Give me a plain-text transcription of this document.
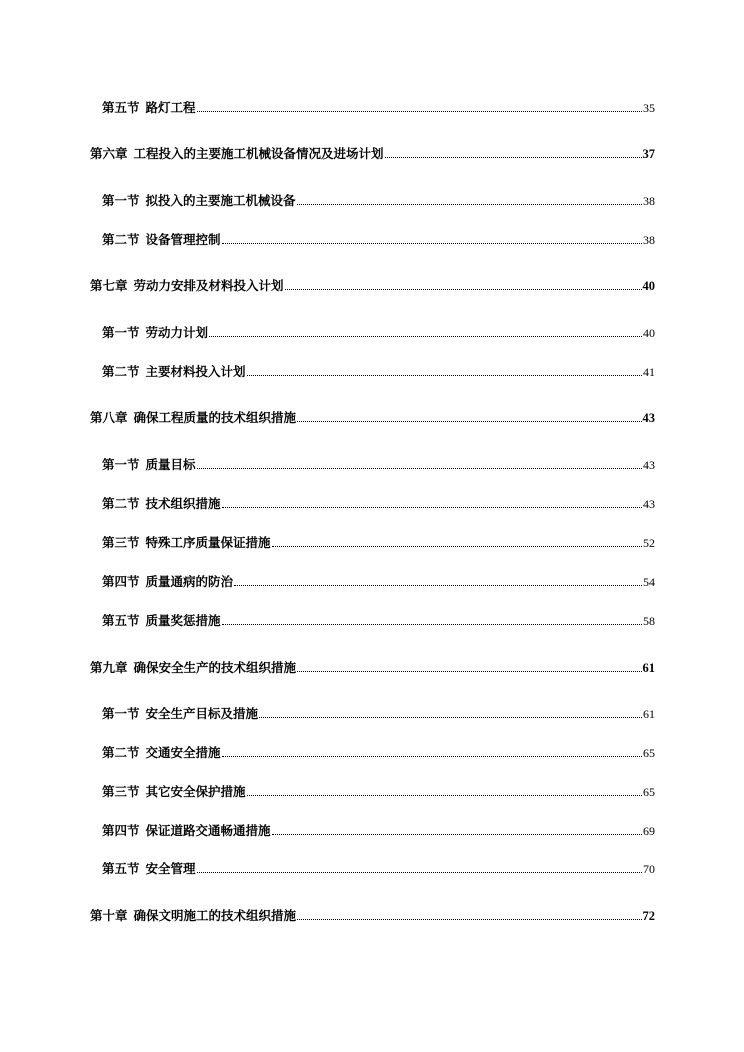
第五节 路灯工程	35
第六章 工程投入的主要施工机械设备情况及进场计划	37
第一节 拟投入的主要施工机械设备	38
第二节 设备管理控制	38
第七章 劳动力安排及材料投入计划	40
第一节 劳动力计划	40
第二节 主要材料投入计划	41
第八章 确保工程质量的技术组织措施	43
第一节 质量目标	43
第二节 技术组织措施	43
第三节 特殊工序质量保证措施	52
第四节 质量通病的防治	54
第五节 质量奖惩措施	58
第九章 确保安全生产的技术组织措施	61
第一节 安全生产目标及措施	61
第二节 交通安全措施	65
第三节 其它安全保护措施	65
第四节 保证道路交通畅通措施	69
第五节 安全管理	70
第十章 确保文明施工的技术组织措施	72
